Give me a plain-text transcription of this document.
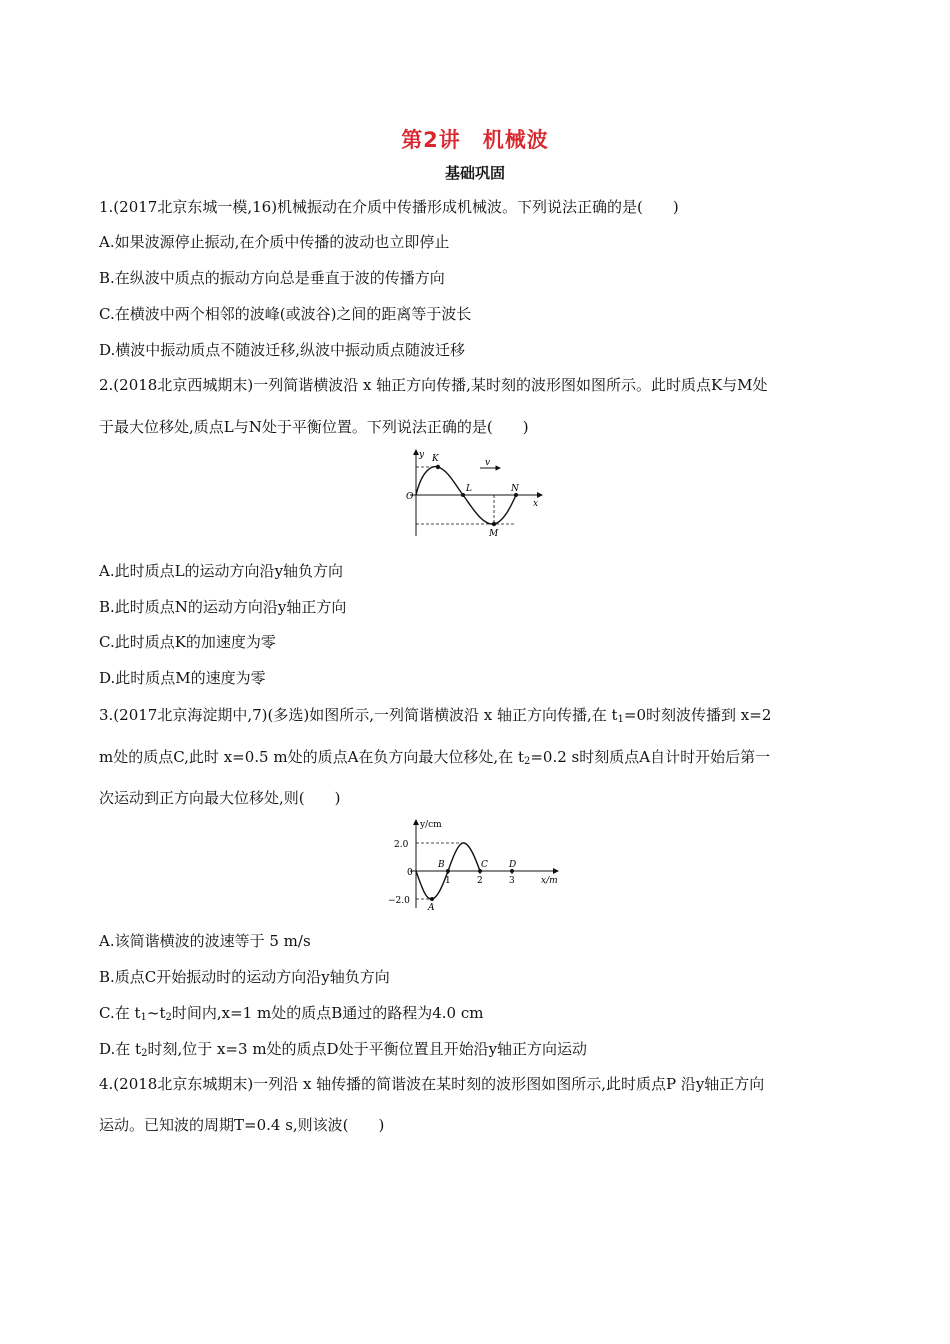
第2讲　机械波
基础巩固
1.(2017北京东城一模,16)机械振动在介质中传播形成机械波。下列说法正确的是(　　)
A.如果波源停止振动,在介质中传播的波动也立即停止
B.在纵波中质点的振动方向总是垂直于波的传播方向
C.在横波中两个相邻的波峰(或波谷)之间的距离等于波长
D.横波中振动质点不随波迁移,纵波中振动质点随波迁移
2.(2018北京西城期末)一列简谐横波沿 x 轴正方向传播,某时刻的波形图如图所示。此时质点K与M处
于最大位移处,质点L与N处于平衡位置。下列说法正确的是(　　)
y
x
O
K
L	N
M
v
A.此时质点L的运动方向沿y轴负方向
B.此时质点N的运动方向沿y轴正方向
C.此时质点K的加速度为零
D.此时质点M的速度为零
3.(2017北京海淀期中,7)(多选)如图所示,一列简谐横波沿 x 轴正方向传播,在 $t_1=0$时刻波传播到 x=2
m处的质点C,此时 x=0.5 m处的质点A在负方向最大位移处,在 $t_2=0.2$ s时刻质点A自计时开始后第一
次运动到正方向最大位移处,则(　　)
y/cm
x/m
2.0
−2.0
0
1	2	3
A
B	C D
A.该简谐横波的波速等于 5 m/s
B.质点C开始振动时的运动方向沿y轴负方向
C.在 $t_1\sim t_2$时间内,x=1 m处的质点B通过的路程为4.0 cm
D.在 $t_2$时刻,位于 x=3 m处的质点D处于平衡位置且开始沿y轴正方向运动
4.(2018北京东城期末)一列沿 x 轴传播的简谐波在某时刻的波形图如图所示,此时质点P 沿y轴正方向
运动。已知波的周期T=0.4 s,则该波(　　)
